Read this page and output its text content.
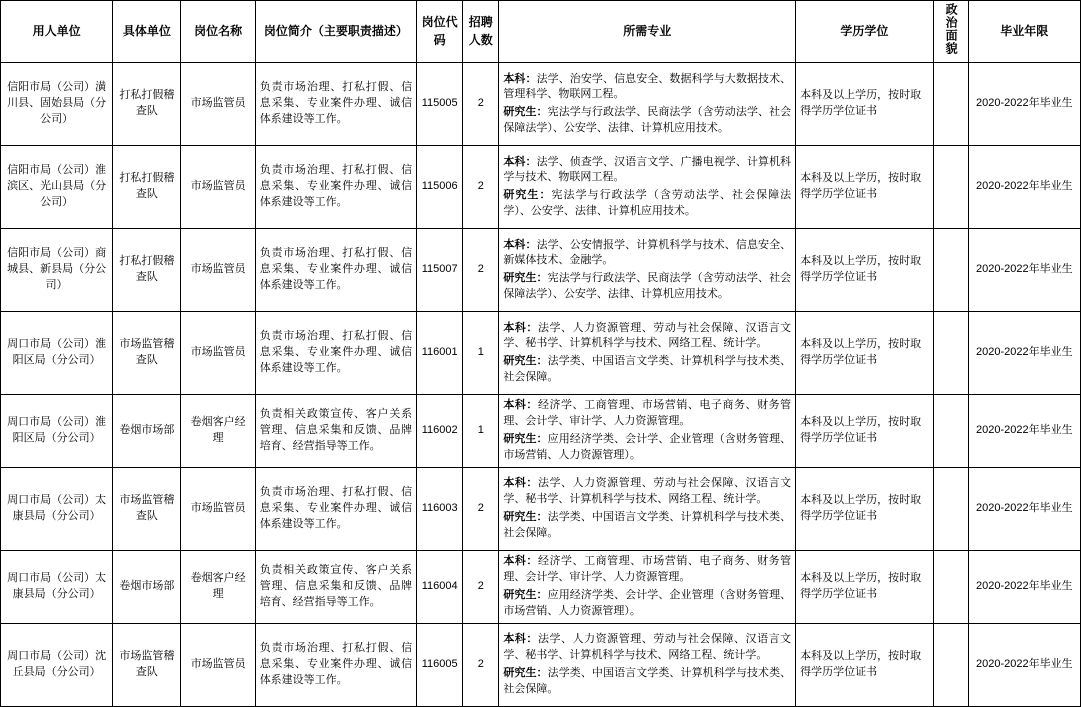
用人单位	具体单位	岗位名称	岗位简介（主要职责描述）	岗位代码	招聘人数	所需专业	学历学位	政治面貌	毕业年限
信阳市局（公司）潢川县、固始县局（分公司）	打私打假稽查队	市场监管员	负责市场治理、打私打假、信息采集、专业案件办理、诚信体系建设等工作。	115005	2	本科：法学、治安学、信息安全、数据科学与大数据技术、管理科学、物联网工程。
研究生：宪法学与行政法学、民商法学（含劳动法学、社会保障法学）、公安学、法律、计算机应用技术。	本科及以上学历，按时取得学历学位证书		2020-2022年毕业生
信阳市局（公司）淮滨区、光山县局（分公司）	打私打假稽查队	市场监管员	负责市场治理、打私打假、信息采集、专业案件办理、诚信体系建设等工作。	115006	2	本科：法学、侦查学、汉语言文学、广播电视学、计算机科学与技术、物联网工程。
研究生：宪法学与行政法学（含劳动法学、社会保障法学）、公安学、法律、计算机应用技术。	本科及以上学历，按时取得学历学位证书		2020-2022年毕业生
信阳市局（公司）商城县、新县局（分公司）	打私打假稽查队	市场监管员	负责市场治理、打私打假、信息采集、专业案件办理、诚信体系建设等工作。	115007	2	本科：法学、公安情报学、计算机科学与技术、信息安全、新媒体技术、金融学。
研究生：宪法学与行政法学、民商法学（含劳动法学、社会保障法学）、公安学、法律、计算机应用技术。	本科及以上学历，按时取得学历学位证书		2020-2022年毕业生
周口市局（公司）淮阳区局（分公司）	市场监管稽查队	市场监管员	负责市场治理、打私打假、信息采集、专业案件办理、诚信体系建设等工作。	116001	1	本科：法学、人力资源管理、劳动与社会保障、汉语言文学、秘书学、计算机科学与技术、网络工程、统计学。
研究生：法学类、中国语言文学类、计算机科学与技术类、社会保障。	本科及以上学历，按时取得学历学位证书		2020-2022年毕业生
周口市局（公司）淮阳区局（分公司）	卷烟市场部	卷烟客户经理	负责相关政策宣传、客户关系管理、信息采集和反馈、品牌培育、经营指导等工作。	116002	1	本科：经济学、工商管理、市场营销、电子商务、财务管理、会计学、审计学、人力资源管理。
研究生：应用经济学类、会计学、企业管理（含财务管理、市场营销、人力资源管理）。	本科及以上学历，按时取得学历学位证书		2020-2022年毕业生
周口市局（公司）太康县局（分公司）	市场监管稽查队	市场监管员	负责市场治理、打私打假、信息采集、专业案件办理、诚信体系建设等工作。	116003	2	本科：法学、人力资源管理、劳动与社会保障、汉语言文学、秘书学、计算机科学与技术、网络工程、统计学。
研究生：法学类、中国语言文学类、计算机科学与技术类、社会保障。	本科及以上学历，按时取得学历学位证书		2020-2022年毕业生
周口市局（公司）太康县局（分公司）	卷烟市场部	卷烟客户经理	负责相关政策宣传、客户关系管理、信息采集和反馈、品牌培育、经营指导等工作。	116004	2	本科：经济学、工商管理、市场营销、电子商务、财务管理、会计学、审计学、人力资源管理。
研究生：应用经济学类、会计学、企业管理（含财务管理、市场营销、人力资源管理）。	本科及以上学历，按时取得学历学位证书		2020-2022年毕业生
周口市局（公司）沈丘县局（分公司）	市场监管稽查队	市场监管员	负责市场治理、打私打假、信息采集、专业案件办理、诚信体系建设等工作。	116005	2	本科：法学、人力资源管理、劳动与社会保障、汉语言文学、秘书学、计算机科学与技术、网络工程、统计学。
研究生：法学类、中国语言文学类、计算机科学与技术类、社会保障。	本科及以上学历，按时取得学历学位证书		2020-2022年毕业生
